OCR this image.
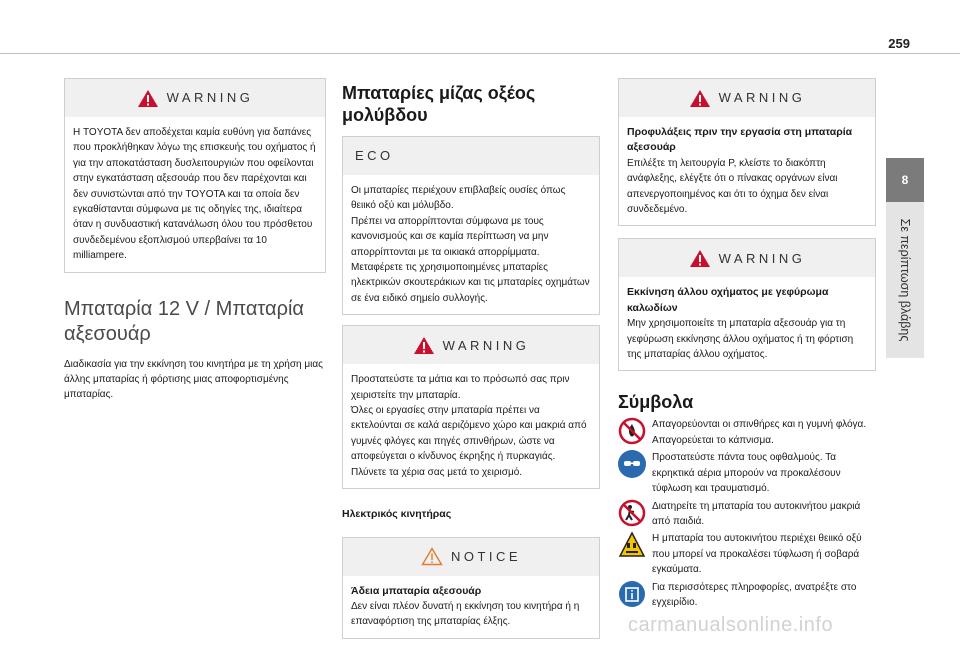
259
8
Σε περίπτωση βλάβης
WARNING
Η TOYOTA δεν αποδέχεται καμία ευθύνη για δαπάνες που προκλήθηκαν λόγω της επισκευής του οχήματος ή για την αποκατάσταση δυσλειτουργιών που οφείλονται στην εγκατάσταση αξεσουάρ που δεν παρέχονται και δεν συνιστώνται από την TOYOTA και τα οποία δεν εγκαθίστανται σύμφωνα με τις οδηγίες της, ιδιαίτερα όταν η συνδυαστική κατανάλωση όλου του πρόσθετου συνδεδεμένου εξοπλισμού υπερβαίνει τα 10 milliampere.
Μπαταρία 12 V / Μπαταρία αξεσουάρ
Διαδικασία για την εκκίνηση του κινητήρα με τη χρήση μιας άλλης μπαταρίας ή φόρτισης μιας αποφορτισμένης μπαταρίας.
Μπαταρίες μίζας οξέος μολύβδου
ECO
Οι μπαταρίες περιέχουν επιβλαβείς ουσίες όπως θειικό οξύ και μόλυβδο.
Πρέπει να απορρίπτονται σύμφωνα με τους κανονισμούς και σε καμία περίπτωση να μην απορρίπτονται με τα οικιακά απορρίμματα.
Μεταφέρετε τις χρησιμοποιημένες μπαταρίες ηλεκτρικών σκουτεράκιων και τις μπαταρίες οχημάτων σε ένα ειδικό σημείο συλλογής.
WARNING
Προστατεύστε τα μάτια και το πρόσωπό σας πριν χειριστείτε την μπαταρία.
Όλες οι εργασίες στην μπαταρία πρέπει να εκτελούνται σε καλά αεριζόμενο χώρο και μακριά από γυμνές φλόγες και πηγές σπινθήρων, ώστε να αποφεύγεται ο κίνδυνος έκρηξης ή πυρκαγιάς.
Πλύνετε τα χέρια σας μετά το χειρισμό.
Ηλεκτρικός κινητήρας
NOTICE
Άδεια μπαταρία αξεσουάρ
Δεν είναι πλέον δυνατή η εκκίνηση του κινητήρα ή η επαναφόρτιση της μπαταρίας έλξης.
WARNING
Προφυλάξεις πριν την εργασία στη μπαταρία αξεσουάρ
Επιλέξτε τη λειτουργία P, κλείστε το διακόπτη ανάφλεξης, ελέγξτε ότι ο πίνακας οργάνων είναι απενεργοποιημένος και ότι το όχημα δεν είναι συνδεδεμένο.
WARNING
Εκκίνηση άλλου οχήματος με γεφύρωμα καλωδίων
Μην χρησιμοποιείτε τη μπαταρία αξεσουάρ για τη γεφύρωση εκκίνησης άλλου οχήματος ή τη φόρτιση της μπαταρίας άλλου οχήματος.
Σύμβολα
Απαγορεύονται οι σπινθήρες και η γυμνή φλόγα. Απαγορεύεται το κάπνισμα.
Προστατεύστε πάντα τους οφθαλμούς. Τα εκρηκτικά αέρια μπορούν να προκαλέσουν τύφλωση και τραυματισμό.
Διατηρείτε τη μπαταρία του αυτοκινήτου μακριά από παιδιά.
Η μπαταρία του αυτοκινήτου περιέχει θειικό οξύ που μπορεί να προκαλέσει τύφλωση ή σοβαρά εγκαύματα.
Για περισσότερες πληροφορίες, ανατρέξτε στο εγχειρίδιο.
carmanualsonline.info
